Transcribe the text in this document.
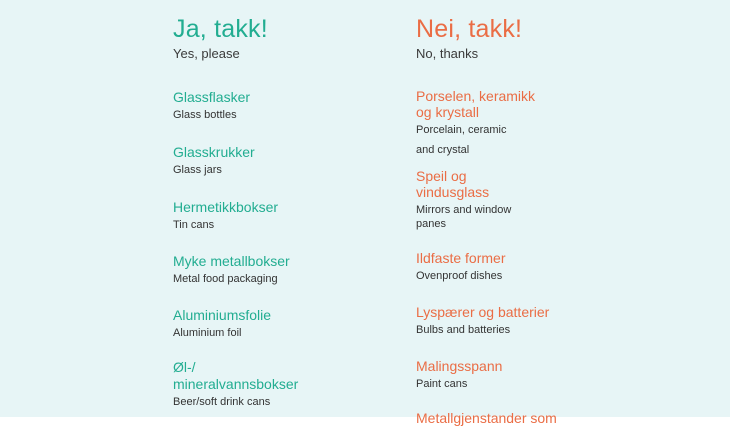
Ja, takk!
Yes, please
Glassflasker
Glass bottles
Glasskrukker
Glass jars
Hermetikkbokser
Tin cans
Myke metallbokser
Metal food packaging
Aluminiumsfolie
Aluminium foil
Øl-/
mineralvannsbokser
Beer/soft drink cans
Nei, takk!
No, thanks
Porselen, keramikk
og krystall
Porcelain, ceramic
and crystal
Speil og
vindusglass
Mirrors and window
panes
Ildfaste former
Ovenproof dishes
Lyspærer og batterier
Bulbs and batteries
Malingsspann
Paint cans
Metallgjenstander som
